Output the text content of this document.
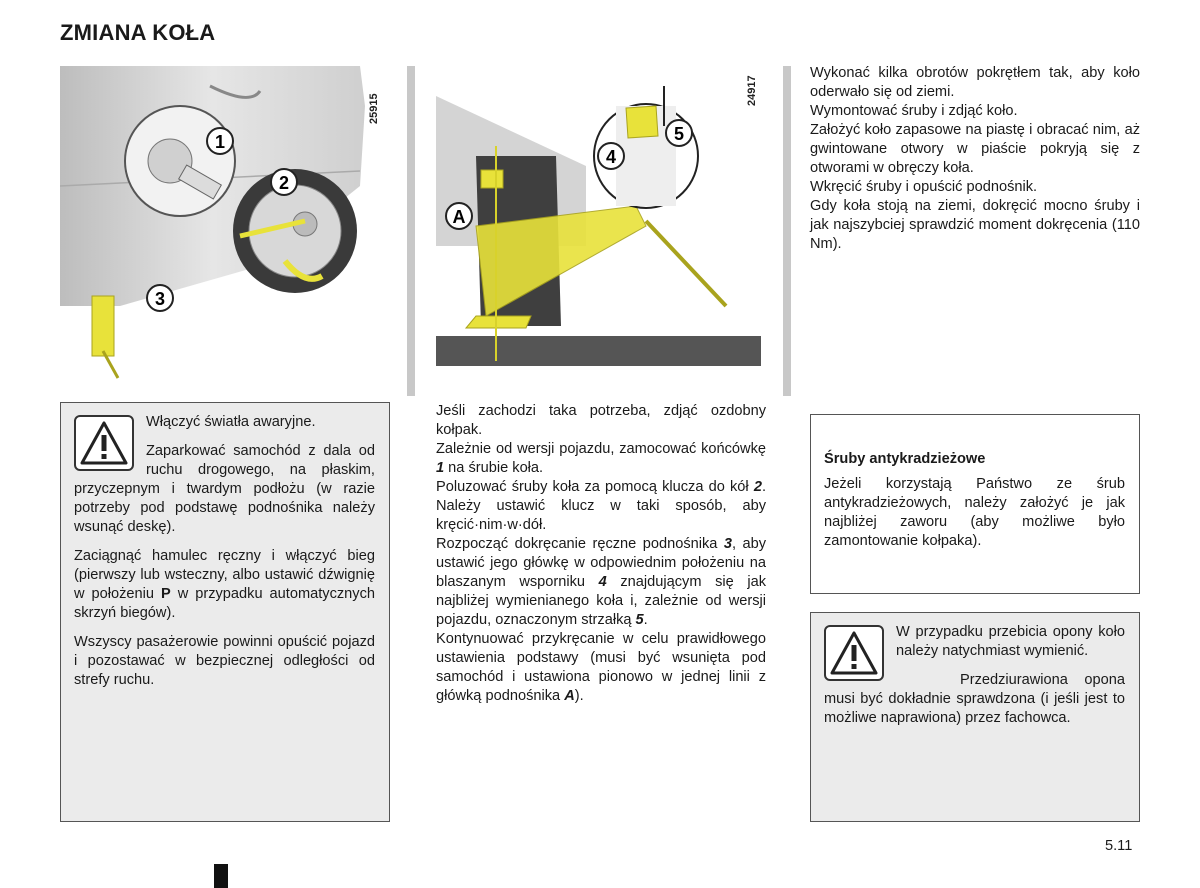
ZMIANA KOŁA
1
2
3
25915
A
4
5
24917

Włączyć światła awaryjne.

Zaparkować samochód z dala od ruchu drogowego, na płaskim, przyczepnym i twardym podłożu (w razie potrzeby pod podstawę podnośnika należy wsunąć deskę).

Zaciągnąć hamulec ręczny i włączyć bieg (pierwszy lub wsteczny, albo ustawić dźwignię w położeniu P w przypadku automatycznych skrzyń biegów).

Wszyscy pasażerowie powinni opuścić pojazd i pozostawać w bezpiecznej odległości od strefy ruchu.

Jeśli zachodzi taka potrzeba, zdjąć ozdobny kołpak.

Zależnie od wersji pojazdu, zamocować końcówkę 1 na śrubie koła.

Poluzować śruby koła za pomocą klucza do kół 2. Należy ustawić klucz w taki sposób, aby kręcić·nim·w·dół.

Rozpocząć dokręcanie ręczne podnośnika 3, aby ustawić jego główkę w odpowiednim położeniu na blaszanym wsporniku 4 znajdującym się jak najbliżej wymienianego koła i, zależnie od wersji pojazdu, oznaczonym strzałką 5.

Kontynuować przykręcanie w celu prawidłowego ustawienia podstawy (musi być wsunięta pod samochód i ustawiona pionowo w jednej linii z główką podnośnika A).

Wykonać kilka obrotów pokrętłem tak, aby koło oderwało się od ziemi.

Wymontować śruby i zdjąć koło.

Założyć koło zapasowe na piastę i obracać nim, aż gwintowane otwory w piaście pokryją się z otworami w obręczy koła.

Wkręcić śruby i opuścić podnośnik.

Gdy koła stoją na ziemi, dokręcić mocno śruby i jak najszybciej sprawdzić moment dokręcenia (110 Nm).

Śruby antykradzieżowe
Jeżeli korzystają Państwo ze śrub antykradzieżowych, należy założyć je jak najbliżej zaworu (aby możliwe było zamontowanie kołpaka).

W przypadku przebicia opony koło należy natychmiast wymienić.

Przedziurawiona opona musi być dokładnie sprawdzona (i jeśli jest to możliwe naprawiona) przez fachowca.

5.11
